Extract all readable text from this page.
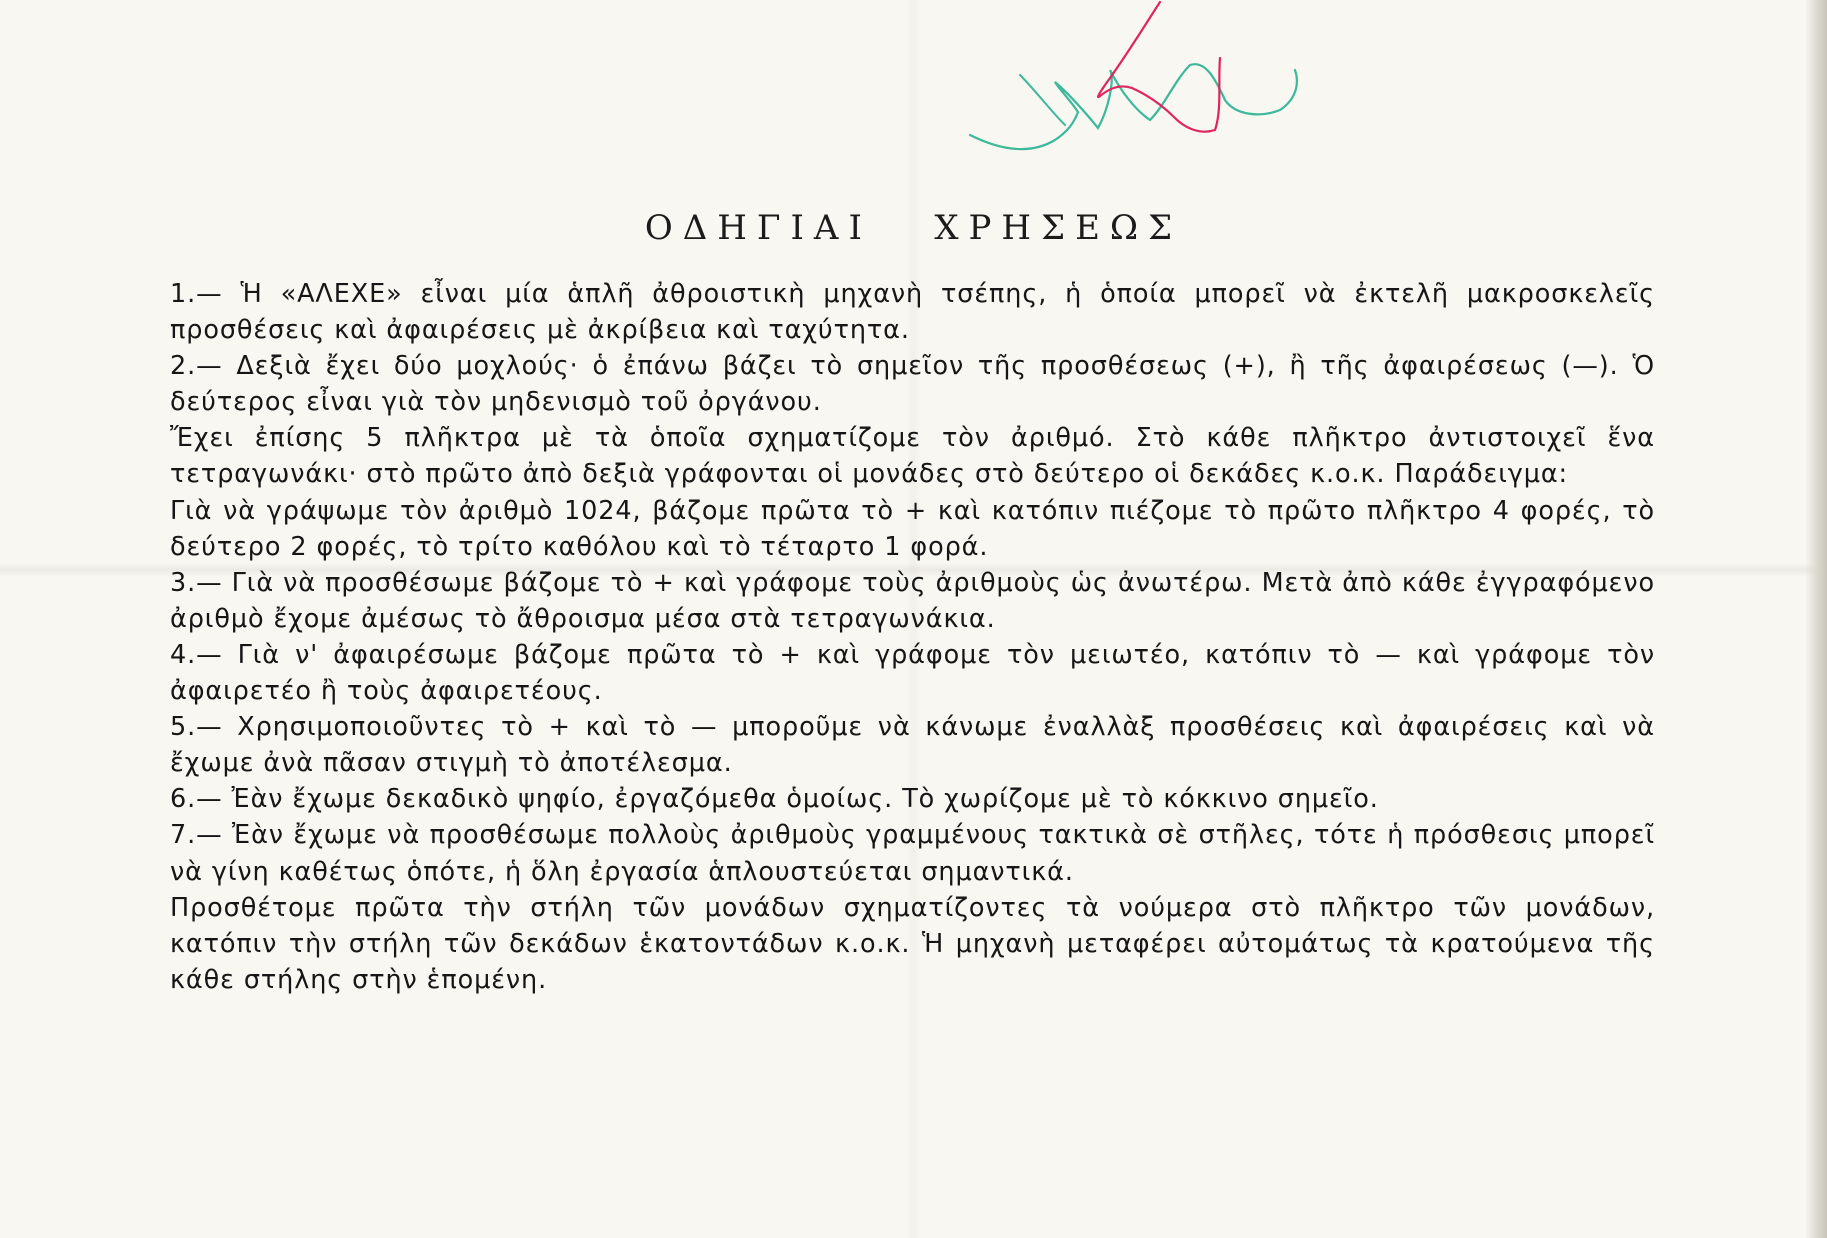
ΟΔΗΓΙΑΙ   ΧΡΗΣΕΩΣ

1.— Ἡ «ΑΛΕΧΕ» εἶναι μία ἁπλῆ ἀθροιστικὴ μηχανὴ τσέπης, ἡ ὁποία μπορεῖ νὰ ἐκτελῆ μακροσκελεῖς προσθέσεις καὶ ἀφαιρέσεις μὲ ἀκρίβεια καὶ ταχύτητα.

2.— Δεξιὰ ἔχει δύο μοχλούς· ὁ ἐπάνω βάζει τὸ σημεῖον τῆς προσθέσεως (+), ἢ τῆς ἀφαιρέσεως (—). Ὁ δεύτερος εἶναι γιὰ τὸν μηδενισμὸ τοῦ ὀργάνου.

Ἔχει ἐπίσης 5 πλῆκτρα μὲ τὰ ὁποῖα σχηματίζομε τὸν ἀριθμό. Στὸ κάθε πλῆκτρο ἀντιστοιχεῖ ἕνα τετραγωνάκι· στὸ πρῶτο ἀπὸ δεξιὰ γράφονται οἱ μονάδες στὸ δεύτερο οἱ δεκάδες κ.ο.κ. Παράδειγμα:

Γιὰ νὰ γράψωμε τὸν ἀριθμὸ 1024, βάζομε πρῶτα τὸ + καὶ κατόπιν πιέζομε τὸ πρῶτο πλῆκτρο 4 φορές, τὸ δεύτερο 2 φορές, τὸ τρίτο καθόλου καὶ τὸ τέταρτο 1 φορά.

3.— Γιὰ νὰ προσθέσωμε βάζομε τὸ + καὶ γράφομε τοὺς ἀριθμοὺς ὡς ἀνωτέρω. Μετὰ ἀπὸ κάθε ἐγγραφόμενο ἀριθμὸ ἔχομε ἀμέσως τὸ ἄθροισμα μέσα στὰ τετραγωνάκια.

4.— Γιὰ ν' ἀφαιρέσωμε βάζομε πρῶτα τὸ + καὶ γράφομε τὸν μειωτέο, κατόπιν τὸ — καὶ γράφομε τὸν ἀφαιρετέο ἢ τοὺς ἀφαιρετέους.

5.— Χρησιμοποιοῦντες τὸ + καὶ τὸ — μποροῦμε νὰ κάνωμε ἐναλλὰξ προσθέσεις καὶ ἀφαιρέσεις καὶ νὰ ἔχωμε ἀνὰ πᾶσαν στιγμὴ τὸ ἀποτέλεσμα.

6.— Ἐὰν ἔχωμε δεκαδικὸ ψηφίο, ἐργαζόμεθα ὁμοίως. Τὸ χωρίζομε μὲ τὸ κόκκινο σημεῖο.

7.— Ἐὰν ἔχωμε νὰ προσθέσωμε πολλοὺς ἀριθμοὺς γραμμένους τακτικὰ σὲ στῆλες, τότε ἡ πρόσθεσις μπορεῖ νὰ γίνη καθέτως ὁπότε, ἡ ὅλη ἐργασία ἁπλουστεύεται σημαντικά.

Προσθέτομε πρῶτα τὴν στήλη τῶν μονάδων σχηματίζοντες τὰ νούμερα στὸ πλῆκτρο τῶν μονάδων, κατόπιν τὴν στήλη τῶν δεκάδων ἑκατοντάδων κ.ο.κ. Ἡ μηχανὴ μεταφέρει αὐτομάτως τὰ κρατούμενα τῆς κάθε στήλης στὴν ἑπομένη.
